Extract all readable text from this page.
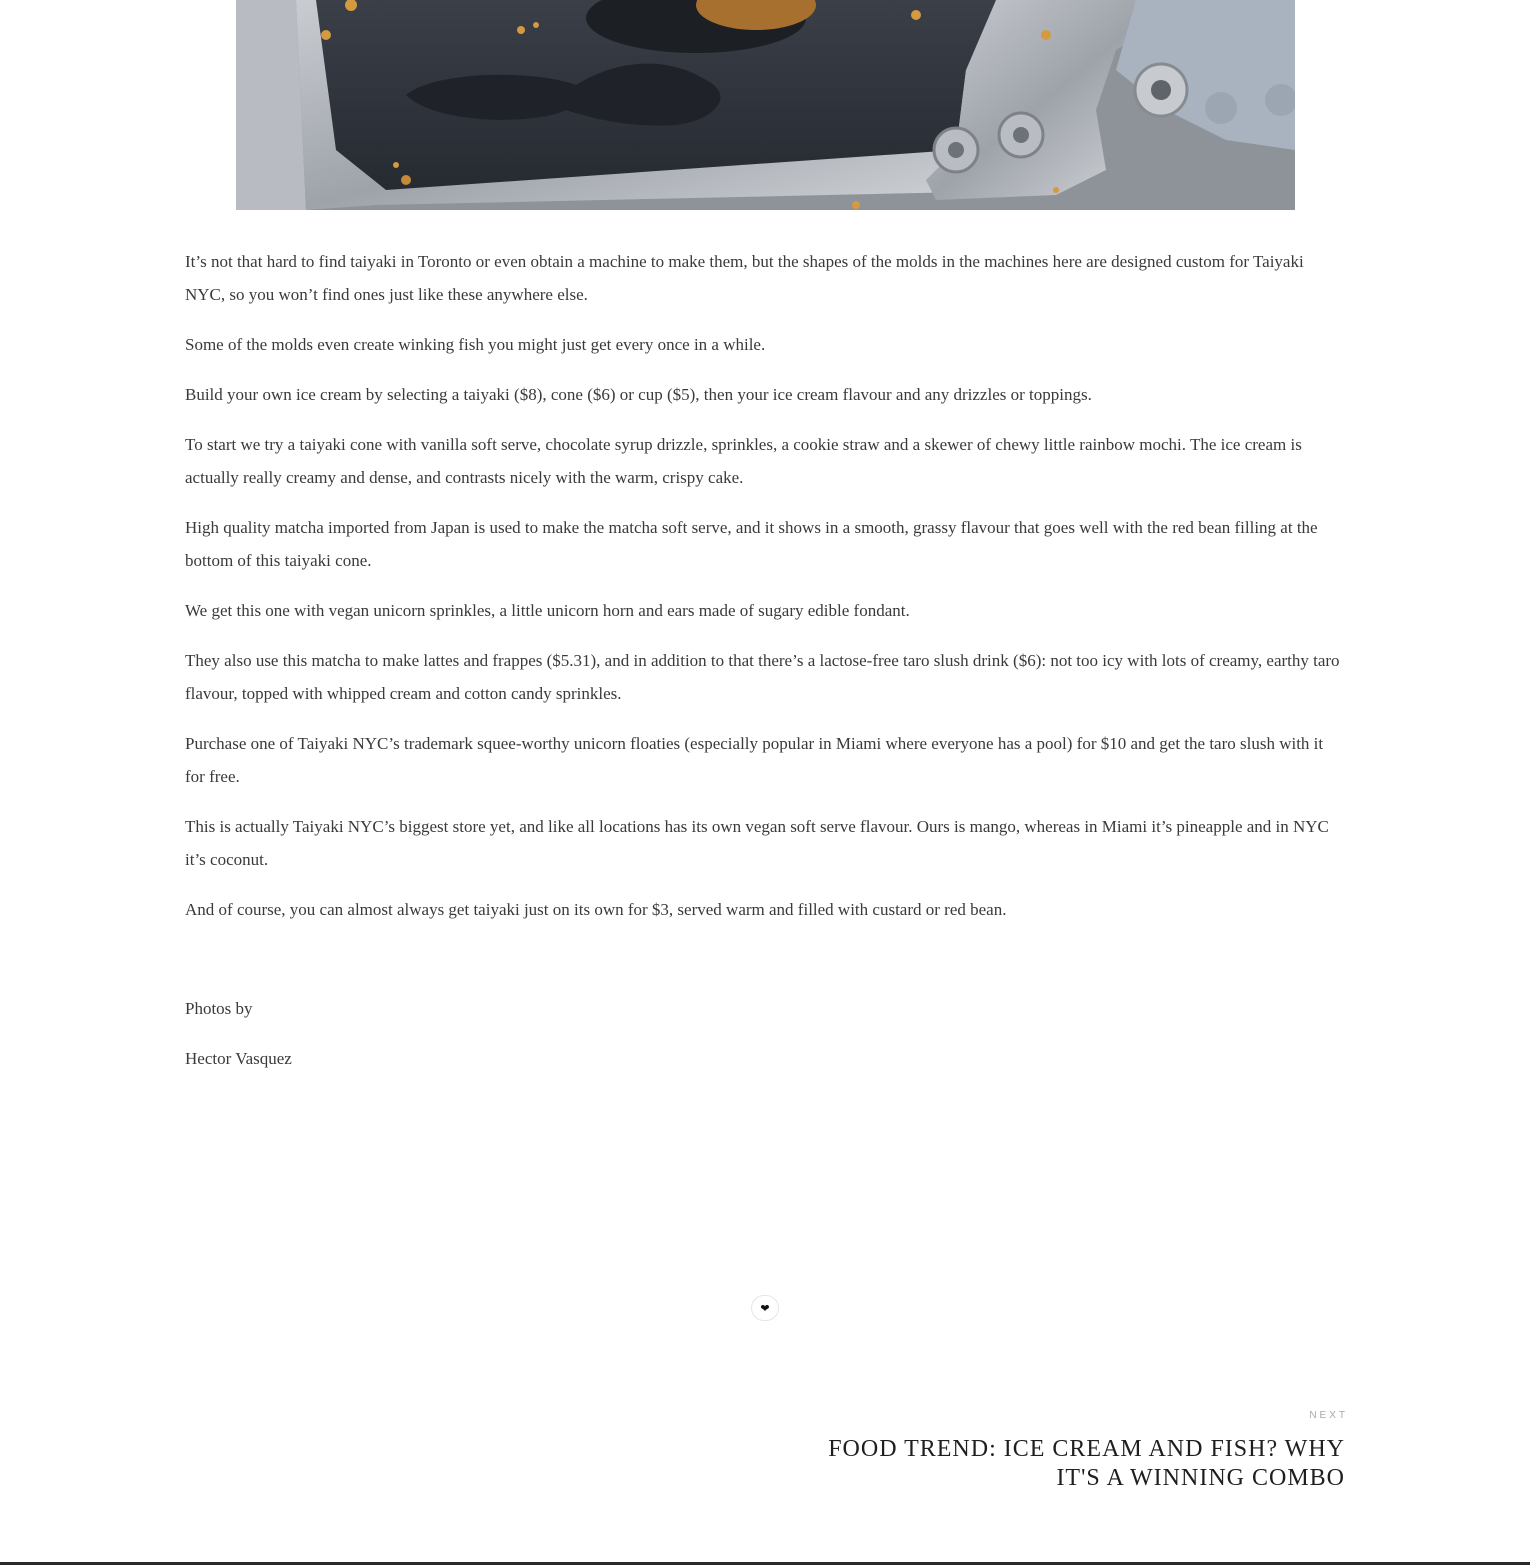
It’s not that hard to find taiyaki in Toronto or even obtain a machine to make them, but the shapes of the molds in the machines here are designed custom for Taiyaki NYC, so you won’t find ones just like these anywhere else.

Some of the molds even create winking fish you might just get every once in a while.

Build your own ice cream by selecting a taiyaki ($8), cone ($6) or cup ($5), then your ice cream flavour and any drizzles or toppings.

To start we try a taiyaki cone with vanilla soft serve, chocolate syrup drizzle, sprinkles, a cookie straw and a skewer of chewy little rainbow mochi. The ice cream is actually really creamy and dense, and contrasts nicely with the warm, crispy cake.

High quality matcha imported from Japan is used to make the matcha soft serve, and it shows in a smooth, grassy flavour that goes well with the red bean filling at the bottom of this taiyaki cone.

We get this one with vegan unicorn sprinkles, a little unicorn horn and ears made of sugary edible fondant.

They also use this matcha to make lattes and frappes ($5.31), and in addition to that there’s a lactose-free taro slush drink ($6): not too icy with lots of creamy, earthy taro flavour, topped with whipped cream and cotton candy sprinkles.

Purchase one of Taiyaki NYC’s trademark squee-worthy unicorn floaties (especially popular in Miami where everyone has a pool) for $10 and get the taro slush with it for free.

This is actually Taiyaki NYC’s biggest store yet, and like all locations has its own vegan soft serve flavour. Ours is mango, whereas in Miami it’s pineapple and in NYC it’s coconut.

And of course, you can almost always get taiyaki just on its own for $3, served warm and filled with custard or red bean.

Photos by

Hector Vasquez

❤
NEXT
FOOD TREND: ICE CREAM AND FISH? WHY IT'S A WINNING COMBO
